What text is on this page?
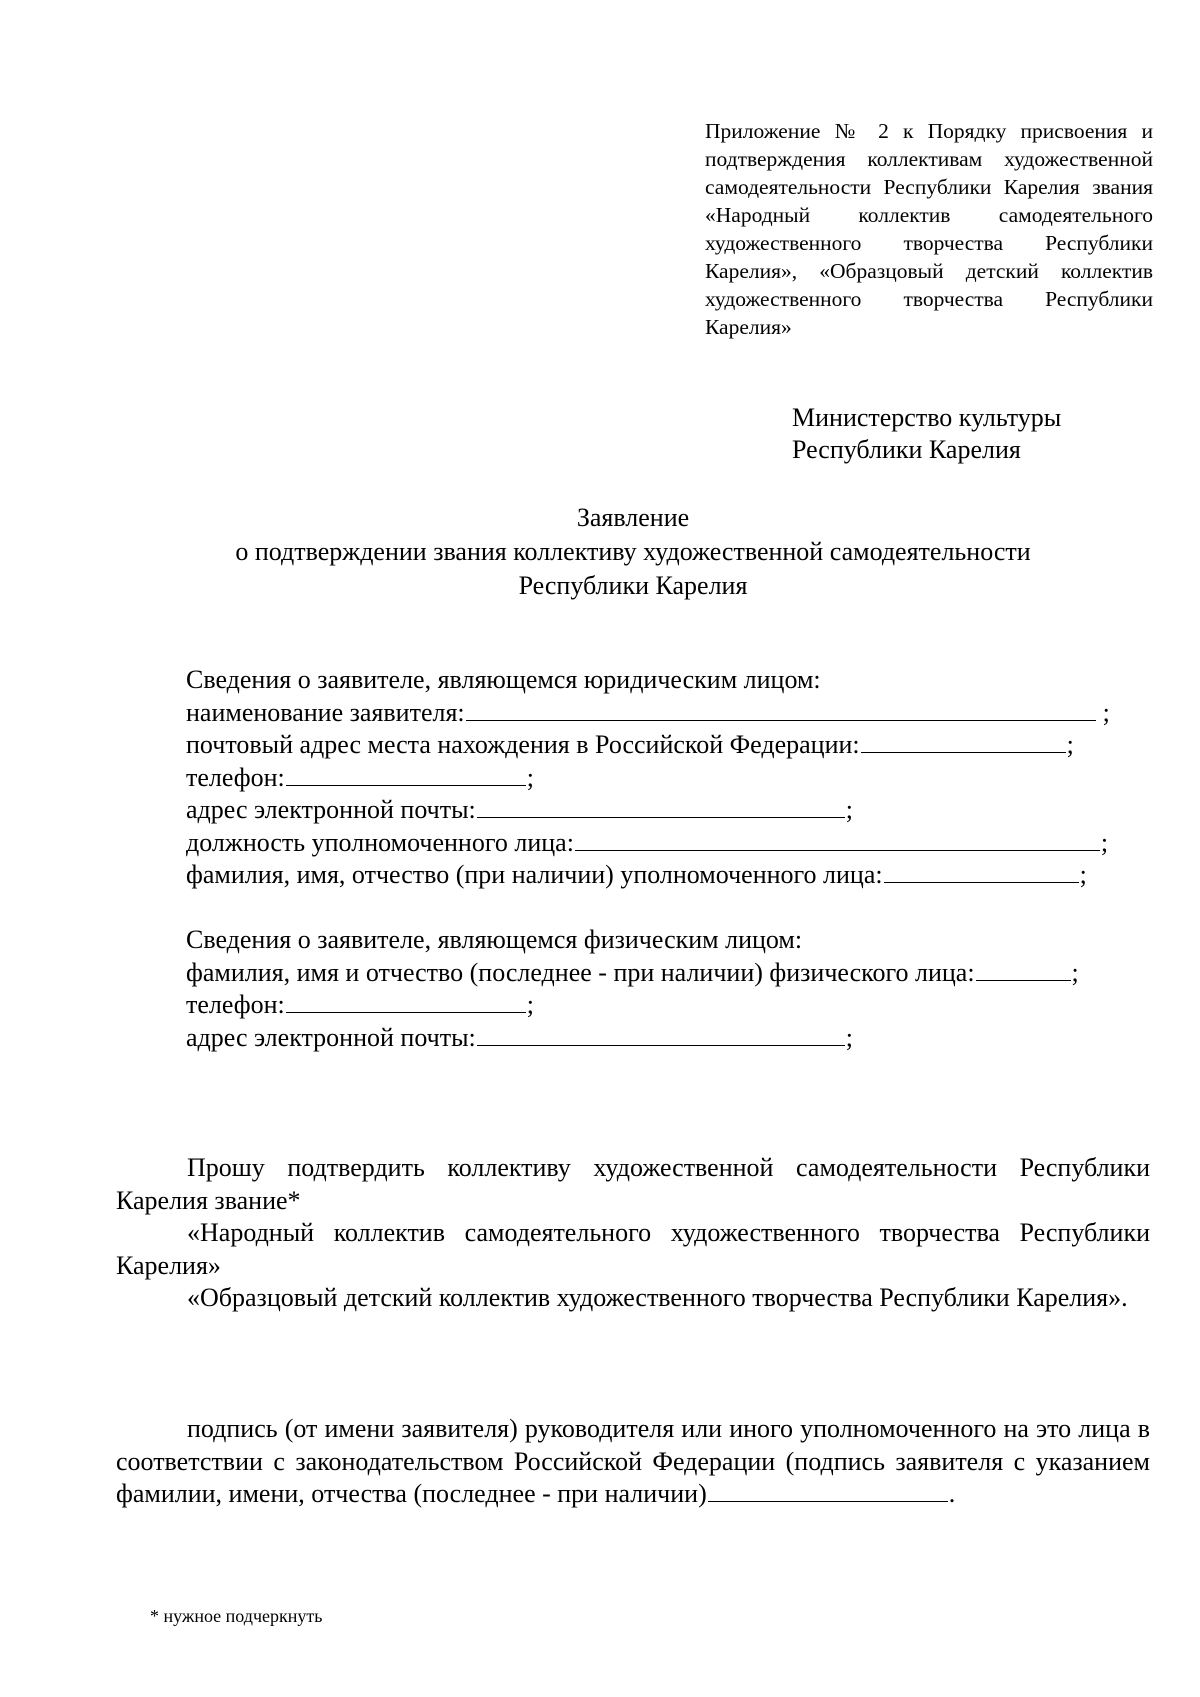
Приложение № 2 к Порядку присвоения и подтверждения коллективам художественной самодеятельности Республики Карелия звания «Народный коллектив самодеятельного художественного творчества Республики Карелия», «Образцовый детский коллектив художественного творчества Республики Карелия»
Министерство культуры
Республики Карелия
Заявление
о подтверждении звания коллективу художественной самодеятельности
Республики Карелия
Сведения о заявителе, являющемся юридическим лицом:
наименование заявителя:	;
почтовый адрес места нахождения в Российской Федерации:	;
телефон:	;
адрес электронной почты:	;
должность уполномоченного лица:	;
фамилия, имя, отчество (при наличии) уполномоченного лица:	;
Сведения о заявителе, являющемся физическим лицом:
фамилия, имя и отчество (последнее - при наличии) физического лица:	;
телефон:	;
адрес электронной почты:	;

Прошу подтвердить коллективу художественной самодеятельности Республики Карелия звание*

«Народный коллектив самодеятельного художественного творчества Республики Карелия»

«Образцовый детский коллектив художественного творчества Республики Карелия».

подпись (от имени заявителя) руководителя или иного уполномоченного на это лица в соответствии с законодательством Российской Федерации (подпись заявителя с указанием фамилии, имени, отчества (последнее - при наличии)	.

* нужное подчеркнуть
